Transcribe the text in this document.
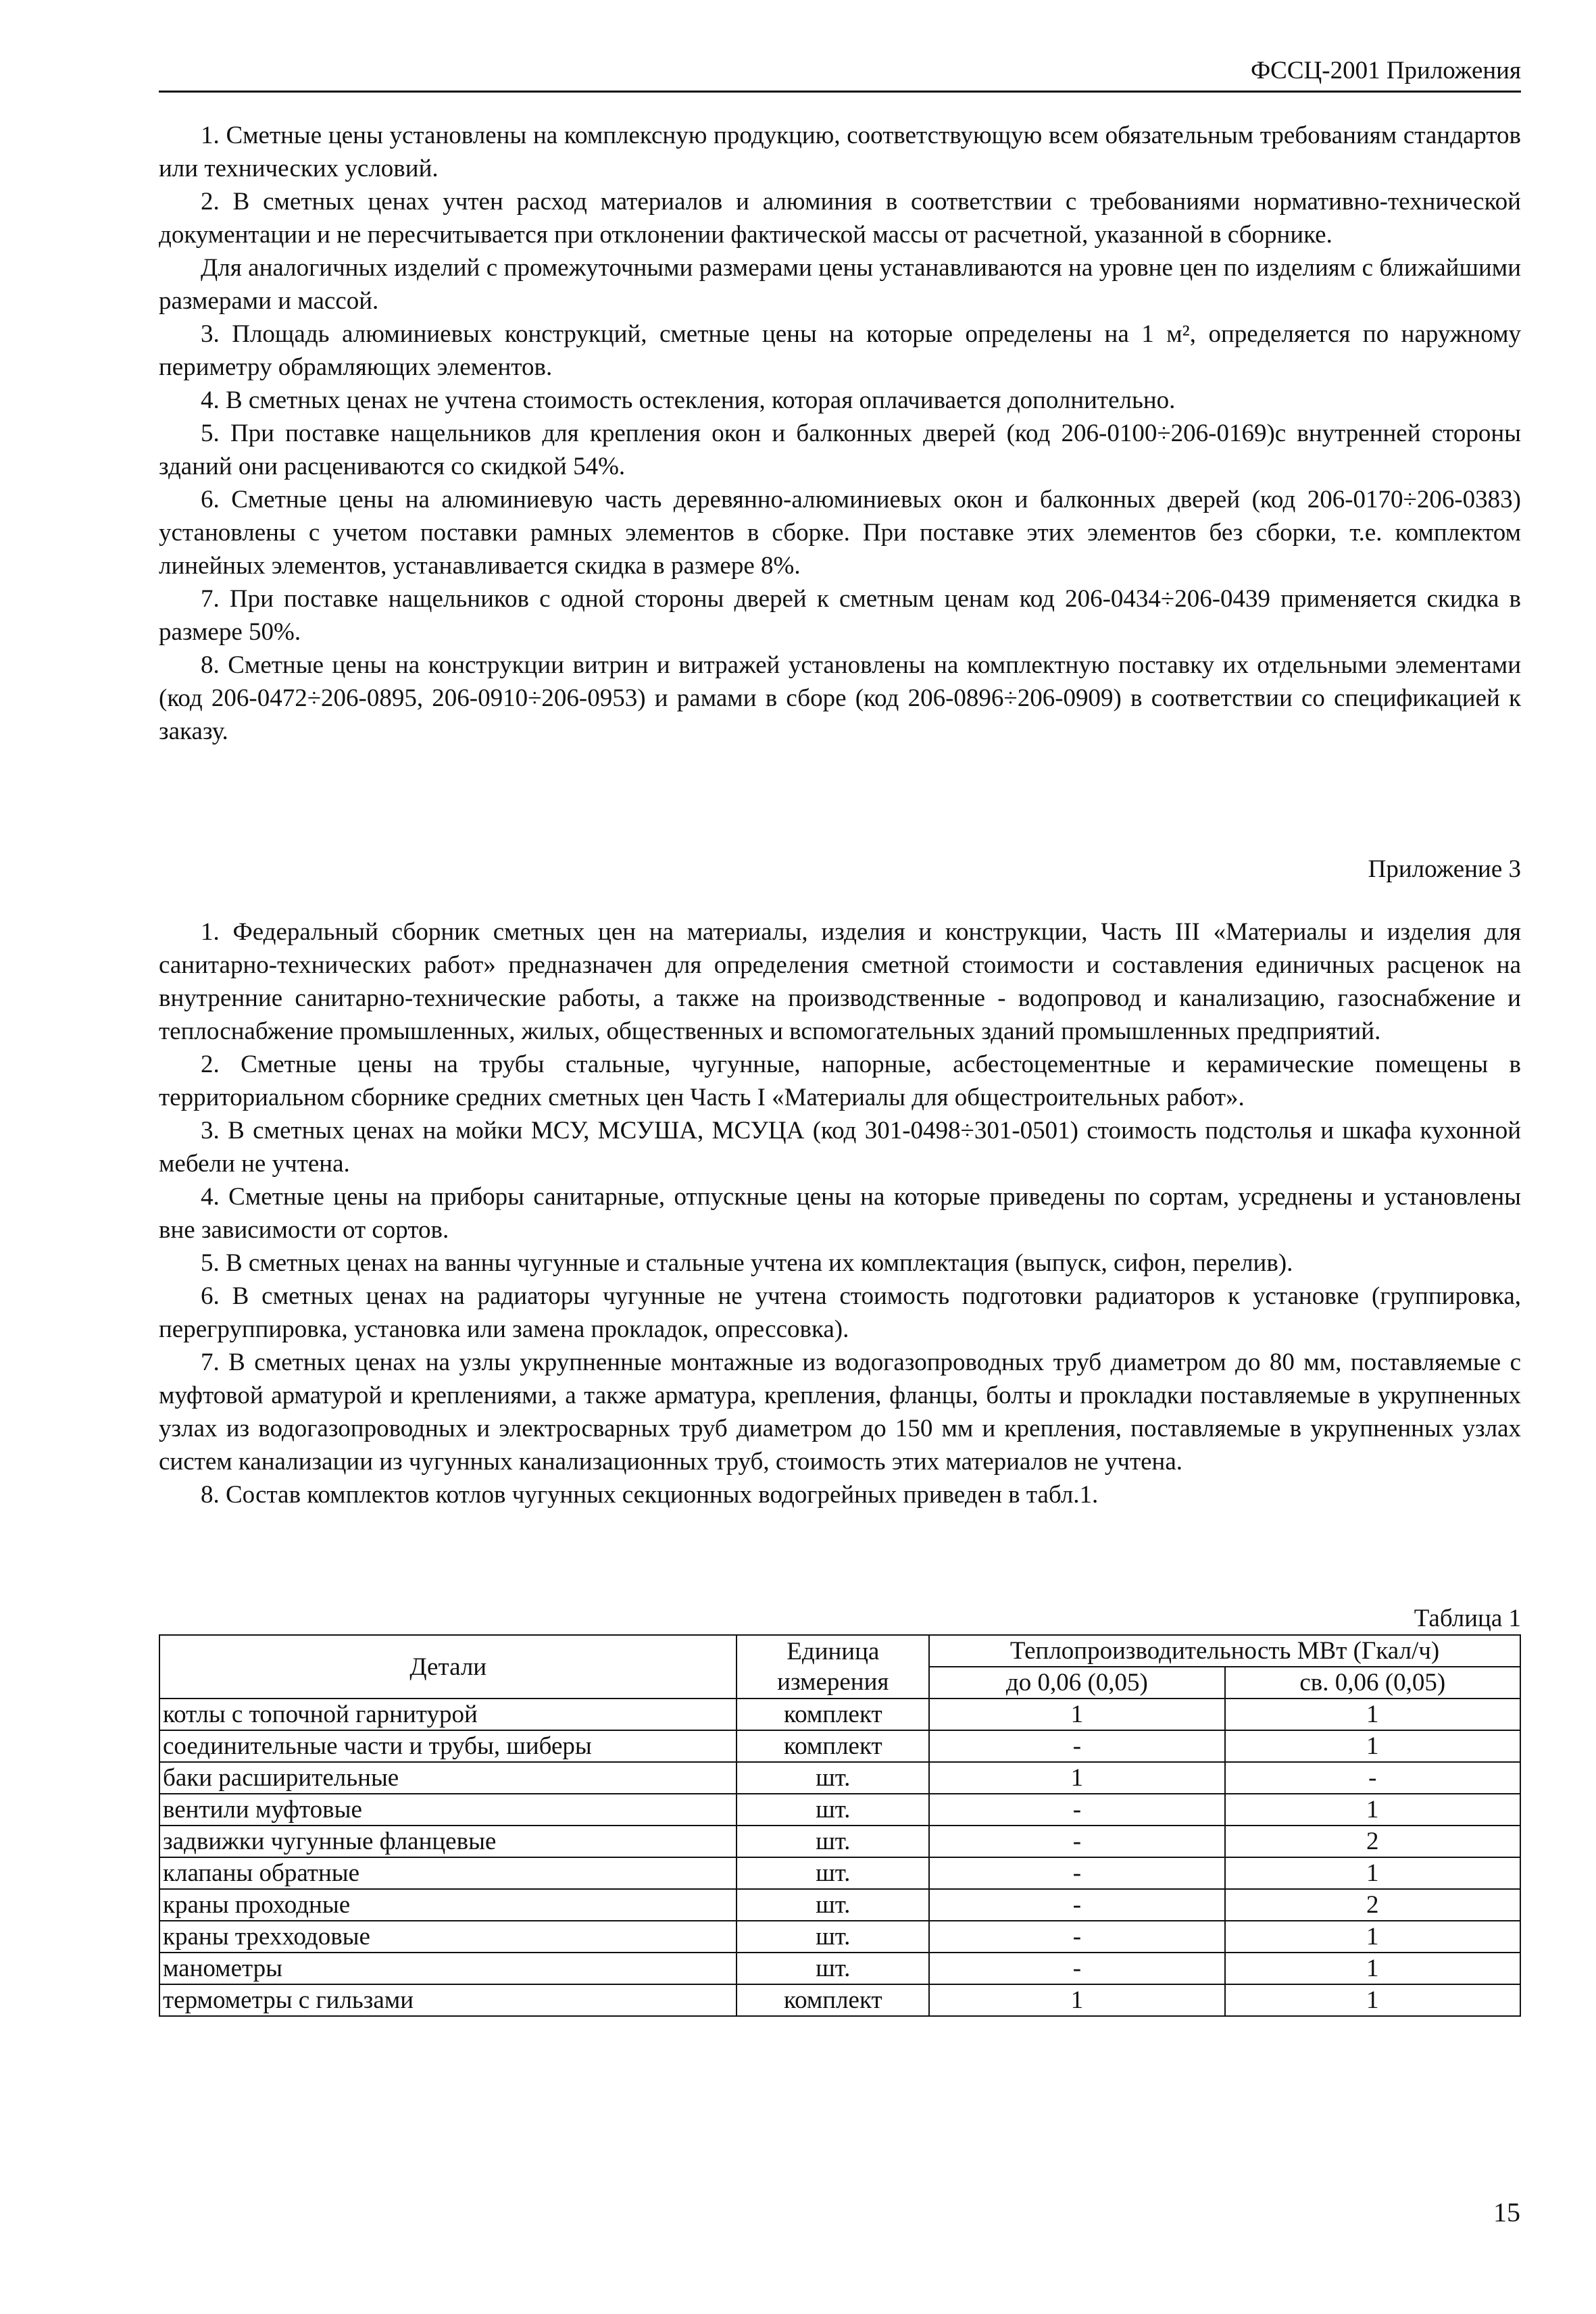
ФССЦ-2001 Приложения

1. Сметные цены установлены на комплексную продукцию, соответствующую всем обязательным требованиям стандартов или технических условий.

2. В сметных ценах учтен расход материалов и алюминия в соответствии с требованиями нормативно-технической документации и не пересчитывается при отклонении фактической массы от расчетной, указанной в сборнике.

Для аналогичных изделий с промежуточными размерами цены устанавливаются на уровне цен по изделиям с ближайшими размерами и массой.

3. Площадь алюминиевых конструкций, сметные цены на которые определены на 1 м², определяется по наружному периметру обрамляющих элементов.

4. В сметных ценах не учтена стоимость остекления, которая оплачивается дополнительно.

5. При поставке нащельников для крепления окон и балконных дверей (код 206-0100÷206-0169)с внутренней стороны зданий они расцениваются со скидкой 54%.

6. Сметные цены на алюминиевую часть деревянно-алюминиевых окон и балконных дверей (код 206-0170÷206-0383) установлены с учетом поставки рамных элементов в сборке. При поставке этих элементов без сборки, т.е. комплектом линейных элементов, устанавливается скидка в размере 8%.

7. При поставке нащельников с одной стороны дверей к сметным ценам код 206-0434÷206-0439 применяется скидка в размере 50%.

8. Сметные цены на конструкции витрин и витражей установлены на комплектную поставку их отдельными элементами (код 206-0472÷206-0895, 206-0910÷206-0953) и рамами в сборе (код 206-0896÷206-0909) в соответствии со спецификацией к заказу.

Приложение 3

1. Федеральный сборник сметных цен на материалы, изделия и конструкции, Часть III «Материалы и изделия для санитарно-технических работ» предназначен для определения сметной стоимости и составления единичных расценок на внутренние санитарно-технические работы, а также на производственные - водопровод и канализацию, газоснабжение и теплоснабжение промышленных, жилых, общественных и вспомогательных зданий промышленных предприятий.

2. Сметные цены на трубы стальные, чугунные, напорные, асбестоцементные и керамические помещены в территориальном сборнике средних сметных цен Часть I «Материалы для общестроительных работ».

3. В сметных ценах на мойки МСУ, МСУША, МСУЦА (код 301-0498÷301-0501) стоимость подстолья и шкафа кухонной мебели не учтена.

4. Сметные цены на приборы санитарные, отпускные цены на которые приведены по сортам, усреднены и установлены вне зависимости от сортов.

5. В сметных ценах на ванны чугунные и стальные учтена их комплектация (выпуск, сифон, перелив).

6. В сметных ценах на радиаторы чугунные не учтена стоимость подготовки радиаторов к установке (группировка, перегруппировка, установка или замена прокладок, опрессовка).

7. В сметных ценах на узлы укрупненные монтажные из водогазопроводных труб диаметром до 80 мм, поставляемые с муфтовой арматурой и креплениями, а также арматура, крепления, фланцы, болты и прокладки поставляемые в укрупненных узлах из водогазопроводных и электросварных труб диаметром до 150 мм и крепления, поставляемые в укрупненных узлах систем канализации из чугунных канализационных труб, стоимость этих материалов не учтена.

8. Состав комплектов котлов чугунных секционных водогрейных приведен в табл.1.

Таблица 1
Детали	Единица измерения	Теплопроизводительность МВт (Гкал/ч)	
		до 0,06 (0,05)	св. 0,06 (0,05)
котлы с топочной гарнитурой	комплект	1	1
соединительные части и трубы, шиберы	комплект	-	1
баки расширительные	шт.	1	-
вентили муфтовые	шт.	-	1
задвижки чугунные фланцевые	шт.	-	2
клапаны обратные	шт.	-	1
краны проходные	шт.	-	2
краны трехходовые	шт.	-	1
манометры	шт.	-	1
термометры с гильзами	комплект	1	1
15
